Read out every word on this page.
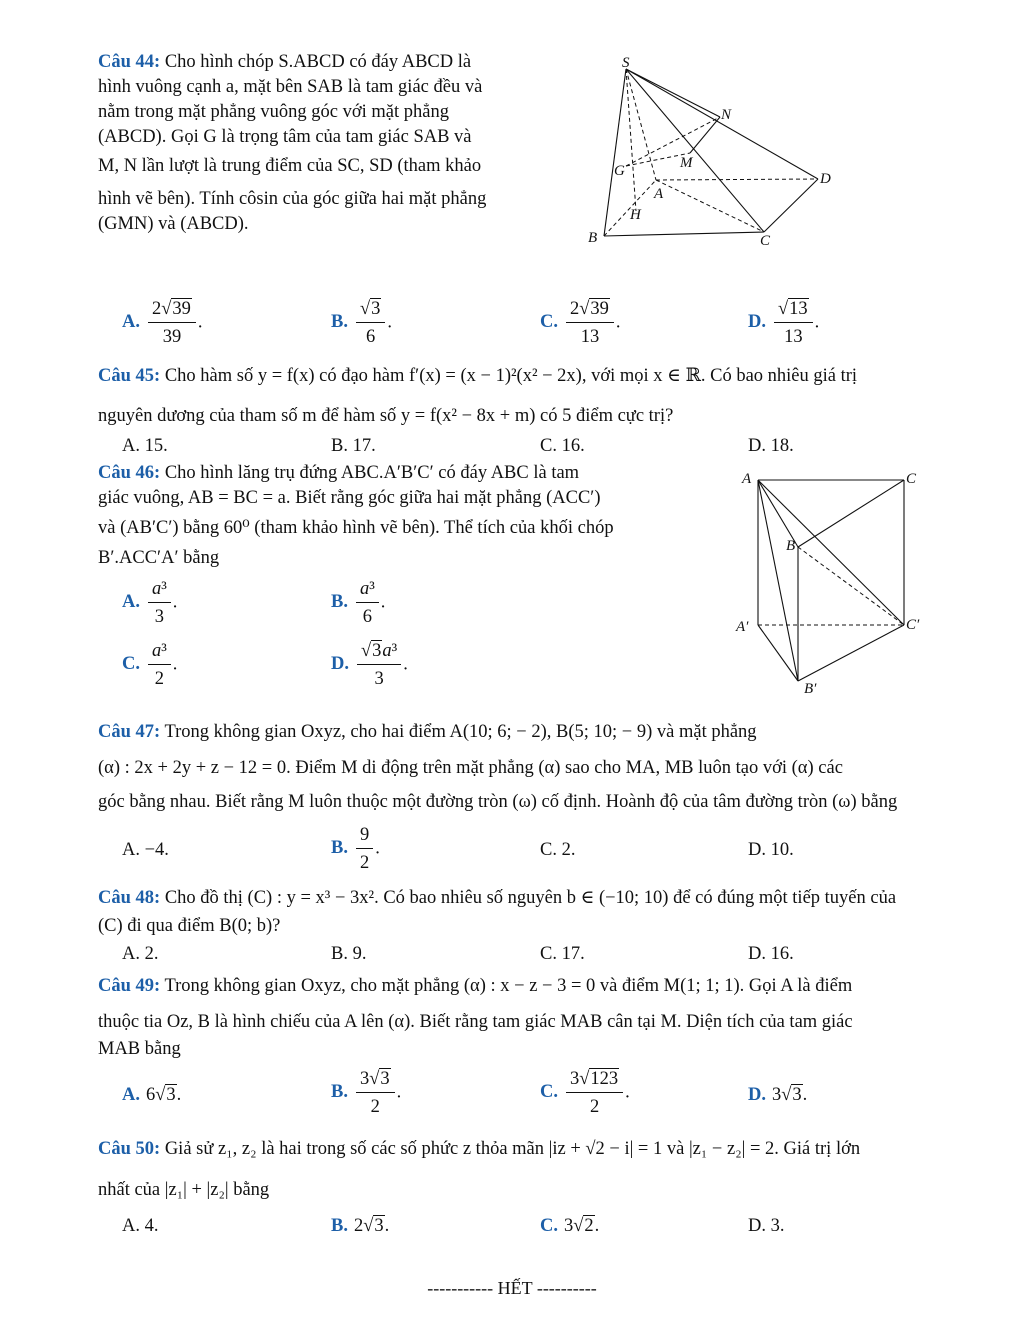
Câu 44: Cho hình chóp S.ABCD có đáy ABCD là
hình vuông cạnh a, mặt bên SAB là tam giác đều và
nằm trong mặt phẳng vuông góc với mặt phẳng
(ABCD). Gọi G là trọng tâm của tam giác SAB và
M, N lần lượt là trung điểm của SC, SD (tham khảo
hình vẽ bên). Tính côsin của góc giữa hai mặt phẳng
(GMN) và (ABCD).
S
N
G	M
A
D
H
B	C
A. $\frac{2√39}{39}$ .	B. $\frac{√3}{6}$ .	C. $\frac{2√39}{13}$ .	D. $\frac{√13}{13}$ .
Câu 45: Cho hàm số y = f(x) có đạo hàm f′(x) = (x − 1)²(x² − 2x), với mọi x ∈ ℝ. Có bao nhiêu giá trị
nguyên dương của tham số m để hàm số y = f(x² − 8x + m) có 5 điểm cực trị?
A. 15.	B. 17.	C. 16.	D. 18.
Câu 46: Cho hình lăng trụ đứng ABC.A′B′C′ có đáy ABC là tam
giác vuông, AB = BC = a. Biết rằng góc giữa hai mặt phẳng (ACC′)
và (AB′C′) bằng 60⁰ (tham khảo hình vẽ bên). Thể tích của khối chóp
B′.ACC′A′ bằng
A. $\frac{\text{a³}}{3}$ .	B. $\frac{\text{a³}}{6}$ .
C. $\frac{\text{a³}}{2}$ .	D. $\frac{\text{√3a³}}{3}$ .
A	C
B
A′	C′
B′
Câu 47: Trong không gian Oxyz, cho hai điểm A(10; 6; − 2), B(5; 10; − 9) và mặt phẳng
(α) : 2x + 2y + z − 12 = 0. Điểm M di động trên mặt phẳng (α) sao cho MA, MB luôn tạo với (α) các
góc bằng nhau. Biết rằng M luôn thuộc một đường tròn (ω) cố định. Hoành độ của tâm đường tròn (ω) bằng
A. −4.	B. $\frac{9}{2}$ .	C. 2.	D. 10.
Câu 48: Cho đồ thị (C) : y = x³ − 3x². Có bao nhiêu số nguyên b ∈ (−10; 10) để có đúng một tiếp tuyến của
(C) đi qua điểm B(0; b)?
A. 2.	B. 9.	C. 17.	D. 16.
Câu 49: Trong không gian Oxyz, cho mặt phẳng (α) : x − z − 3 = 0 và điểm M(1; 1; 1). Gọi A là điểm
thuộc tia Oz, B là hình chiếu của A lên (α). Biết rằng tam giác MAB cân tại M. Diện tích của tam giác
MAB bằng
A. 6√3.	B. $\frac{3√3}{2}$ .	C. $\frac{3√123}{2}$ .	D. 3√3.
Câu 50: Giả sử z₁, z₂ là hai trong số các số phức z thỏa mãn |iz + √2 − i| = 1 và |z₁ − z₂| = 2. Giá trị lớn
nhất của |z₁| + |z₂| bằng
A. 4.	B. 2√3.	C. 3√2.	D. 3.
----------- HẾT ----------
